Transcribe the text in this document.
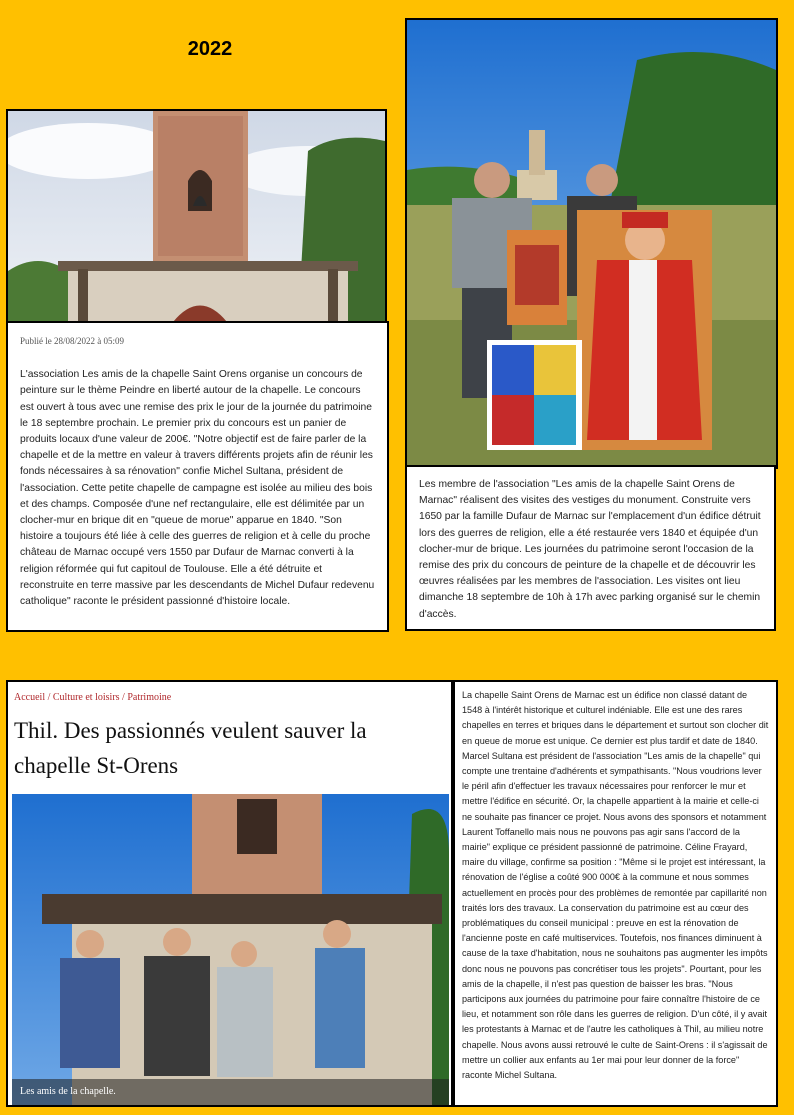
2022

Publié le 28/08/2022 à 05:09

L'association Les amis de la chapelle Saint Orens organise un concours de peinture sur le thème Peindre en liberté autour de la chapelle. Le concours est ouvert à tous avec une remise des prix le jour de la journée du patrimoine le 18 septembre prochain. Le premier prix du concours est un panier de produits locaux d'une valeur de 200€. "Notre objectif est de faire parler de la chapelle et de la mettre en valeur à travers différents projets afin de réunir les fonds nécessaires à sa rénovation" confie Michel Sultana, président de l'association. Cette petite chapelle de campagne est isolée au milieu des bois et des champs. Composée d'une nef rectangulaire, elle est délimitée par un clocher-mur en brique dit en "queue de morue" apparue en 1840. "Son histoire a toujours été liée à celle des guerres de religion et à celle du proche château de Marnac occupé vers 1550 par Dufaur de Marnac converti à la religion réformée qui fut capitoul de Toulouse. Elle a été détruite et reconstruite en terre massive par les descendants de Michel Dufaur redevenu catholique" raconte le président passionné d'histoire locale.

Les membre de l'association "Les amis de la chapelle Saint Orens de Marnac" réalisent des visites des vestiges du monument. Construite vers 1650 par la famille Dufaur de Marnac sur l'emplacement d'un édifice détruit lors des guerres de religion, elle a été restaurée vers 1840 et équipée d'un clocher-mur de brique. Les journées du patrimoine seront l'occasion de la remise des prix du concours de peinture de la chapelle et de découvrir les œuvres réalisées par les membres de l'association. Les visites ont lieu dimanche 18 septembre de 10h à 17h avec parking organisé sur le chemin d'accès.

Accueil / Culture et loisirs / Patrimoine
Thil. Des passionnés veulent sauver la chapelle St-Orens
Les amis de la chapelle.

La chapelle Saint Orens de Marnac est un édifice non classé datant de 1548 à l'intérêt historique et culturel indéniable. Elle est une des rares chapelles en terres et briques dans le département et surtout son clocher dit en queue de morue est unique. Ce dernier est plus tardif et date de 1840. Marcel Sultana est président de l'association "Les amis de la chapelle" qui compte une trentaine d'adhérents et sympathisants. "Nous voudrions lever le péril afin d'effectuer les travaux nécessaires pour renforcer le mur et mettre l'édifice en sécurité. Or, la chapelle appartient à la mairie et celle-ci ne souhaite pas financer ce projet. Nous avons des sponsors et notamment Laurent Toffanello mais nous ne pouvons pas agir sans l'accord de la mairie" explique ce président passionné de patrimoine. Céline Frayard, maire du village, confirme sa position : "Même si le projet est intéressant, la rénovation de l'église a coûté 900 000€ à la commune et nous sommes actuellement en procès pour des problèmes de remontée par capillarité non traités lors des travaux. La conservation du patrimoine est au cœur des problématiques du conseil municipal : preuve en est la rénovation de l'ancienne poste en café multiservices. Toutefois, nos finances diminuent à cause de la taxe d'habitation, nous ne souhaitons pas augmenter les impôts donc nous ne pouvons pas concrétiser tous les projets". Pourtant, pour les amis de la chapelle, il n'est pas question de baisser les bras. "Nous participons aux journées du patrimoine pour faire connaître l'histoire de ce lieu, et notamment son rôle dans les guerres de religion. D'un côté, il y avait les protestants à Marnac et de l'autre les catholiques à Thil, au milieu notre chapelle. Nous avons aussi retrouvé le culte de Saint-Orens : il s'agissait de mettre un collier aux enfants au 1er mai pour leur donner de la force" raconte Michel Sultana.
